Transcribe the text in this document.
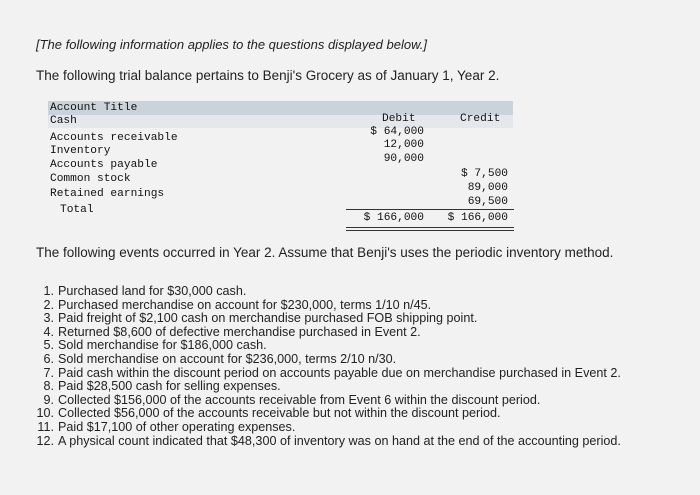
[The following information applies to the questions displayed below.]
The following trial balance pertains to Benji's Grocery as of January 1, Year 2.
Account Title
Debit	Credit
Cash
Accounts receivable
Inventory
Accounts payable
Common stock
Retained earnings
Total
$ 64,000
12,000
90,000
$ 7,500
89,000
69,500
$ 166,000 $ 166,000
The following events occurred in Year 2. Assume that Benji's uses the periodic inventory method.
1. Purchased land for $30,000 cash.
2. Purchased merchandise on account for $230,000, terms 1/10 n/45.
3. Paid freight of $2,100 cash on merchandise purchased FOB shipping point.
4. Returned $8,600 of defective merchandise purchased in Event 2.
5. Sold merchandise for $186,000 cash.
6. Sold merchandise on account for $236,000, terms 2/10 n/30.
7. Paid cash within the discount period on accounts payable due on merchandise purchased in Event 2.
8. Paid $28,500 cash for selling expenses.
9. Collected $156,000 of the accounts receivable from Event 6 within the discount period.
10. Collected $56,000 of the accounts receivable but not within the discount period.
11. Paid $17,100 of other operating expenses.
12. A physical count indicated that $48,300 of inventory was on hand at the end of the accounting period.
